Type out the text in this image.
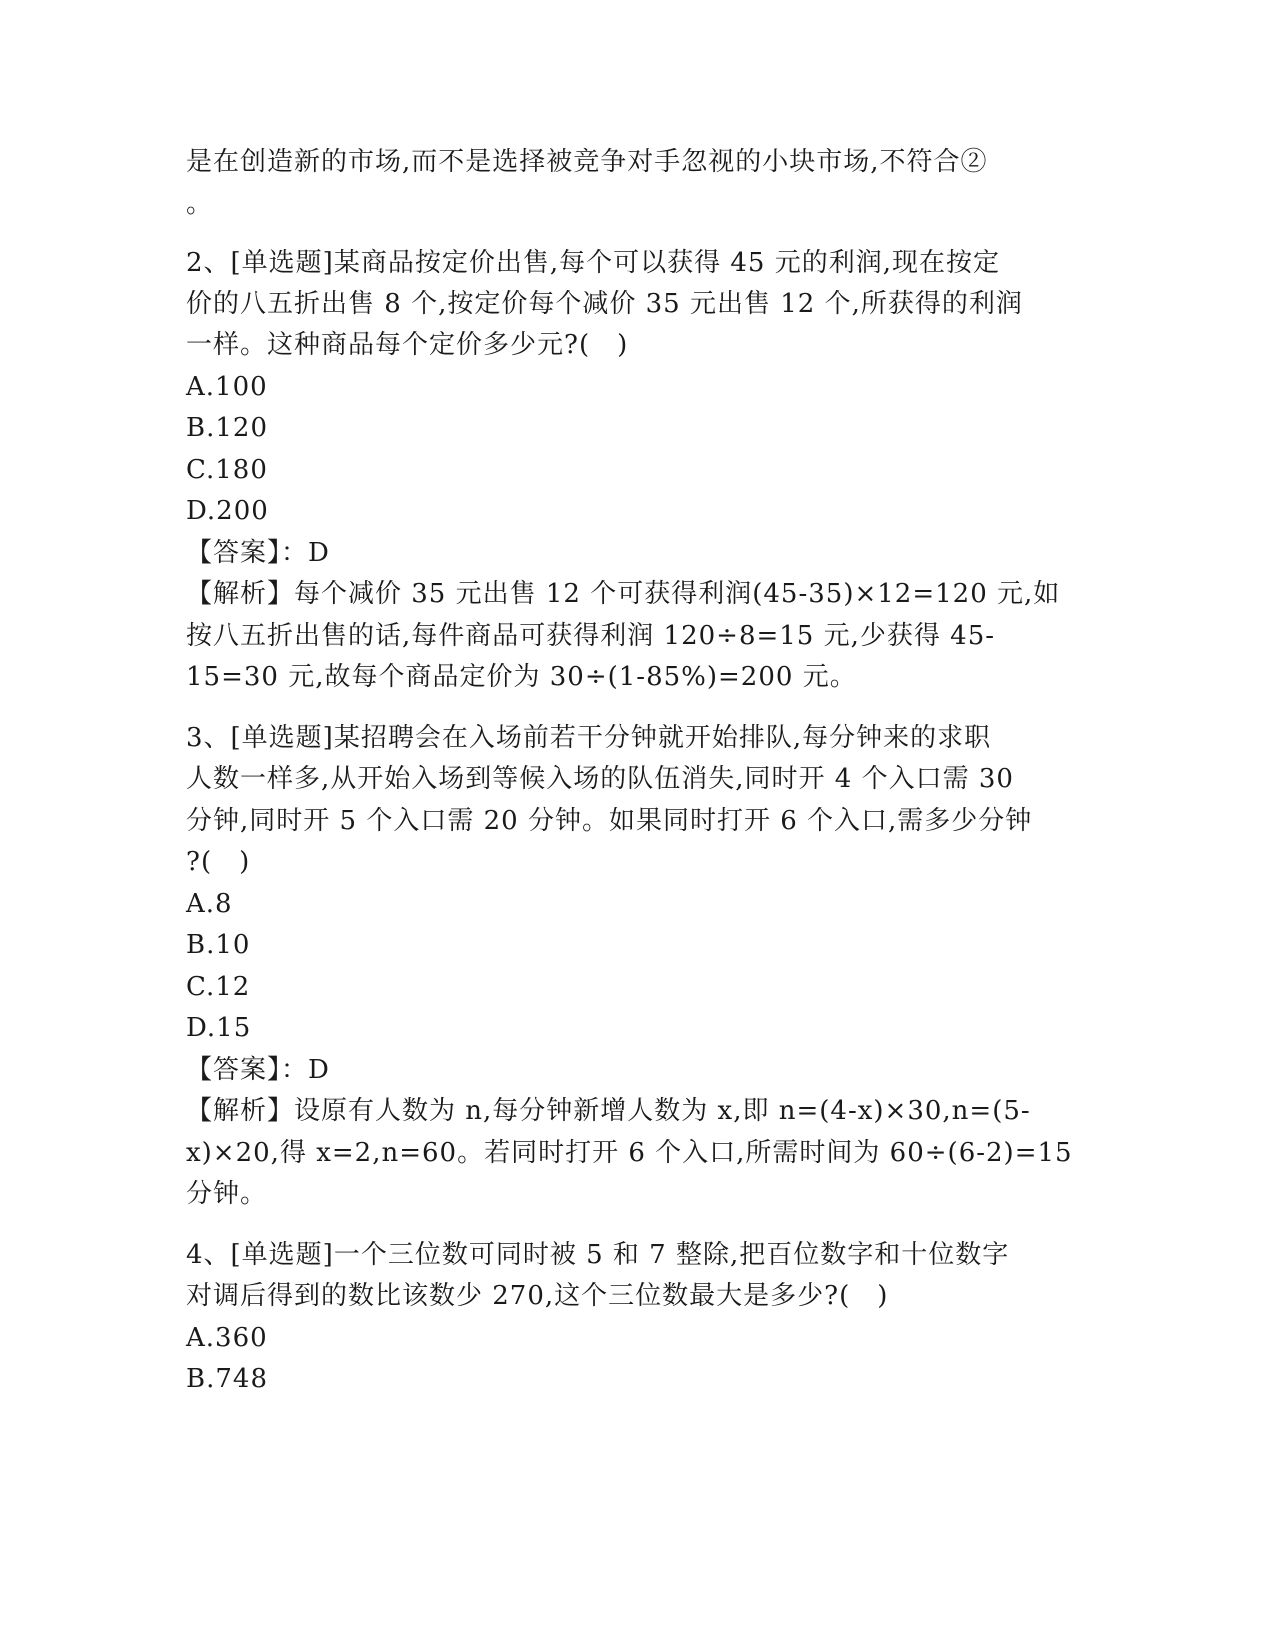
是在创造新的市场,而不是选择被竞争对手忽视的小块市场,不符合②
。
2、[单选题]某商品按定价出售,每个可以获得 45 元的利润,现在按定
价的八五折出售 8 个,按定价每个减价 35 元出售 12 个,所获得的利润
一样。这种商品每个定价多少元?(　)
A.100
B.120
C.180
D.200
【答案】：D
【解析】每个减价 35 元出售 12 个可获得利润(45-35)×12=120 元,如
按八五折出售的话,每件商品可获得利润 120÷8=15 元,少获得 45-
15=30 元,故每个商品定价为 30÷(1-85%)=200 元。
3、[单选题]某招聘会在入场前若干分钟就开始排队,每分钟来的求职
人数一样多,从开始入场到等候入场的队伍消失,同时开 4 个入口需 30
分钟,同时开 5 个入口需 20 分钟。如果同时打开 6 个入口,需多少分钟
?(　)
A.8
B.10
C.12
D.15
【答案】：D
【解析】设原有人数为 n,每分钟新增人数为 x,即 n=(4-x)×30,n=(5-
x)×20,得 x=2,n=60。若同时打开 6 个入口,所需时间为 60÷(6-2)=15
分钟。
4、[单选题]一个三位数可同时被 5 和 7 整除,把百位数字和十位数字
对调后得到的数比该数少 270,这个三位数最大是多少?(　)
A.360
B.748
